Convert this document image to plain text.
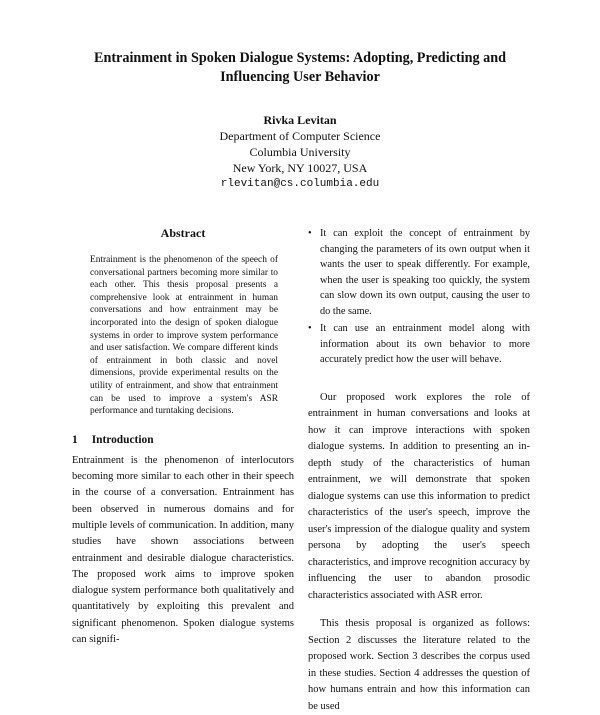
Entrainment in Spoken Dialogue Systems: Adopting, Predicting and Influencing User Behavior
Rivka Levitan
Department of Computer Science
Columbia University
New York, NY 10027, USA
rlevitan@cs.columbia.edu
Abstract

Entrainment is the phenomenon of the speech of conversational partners becoming more similar to each other. This thesis proposal presents a comprehensive look at entrainment in human conversations and how entrainment may be incorporated into the design of spoken dialogue systems in order to improve system performance and user satisfaction. We compare different kinds of entrainment in both classic and novel dimensions, provide experimental results on the utility of entrainment, and show that entrainment can be used to improve a system's ASR performance and turntaking decisions.

1 Introduction

Entrainment is the phenomenon of interlocutors becoming more similar to each other in their speech in the course of a conversation. Entrainment has been observed in numerous domains and for multiple levels of communication. In addition, many studies have shown associations between entrainment and desirable dialogue characteristics. The proposed work aims to improve spoken dialogue system performance both qualitatively and quantitatively by exploiting this prevalent and significant phenomenon. Spoken dialogue systems can signifi-

• It can exploit the concept of entrainment by changing the parameters of its own output when it wants the user to speak differently. For example, when the user is speaking too quickly, the system can slow down its own output, causing the user to do the same.
• It can use an entrainment model along with information about its own behavior to more accurately predict how the user will behave.

Our proposed work explores the role of entrainment in human conversations and looks at how it can improve interactions with spoken dialogue systems. In addition to presenting an in-depth study of the characteristics of human entrainment, we will demonstrate that spoken dialogue systems can use this information to predict characteristics of the user's speech, improve the user's impression of the dialogue quality and system persona by adopting the user's speech characteristics, and improve recognition accuracy by influencing the user to abandon prosodic characteristics associated with ASR error.

This thesis proposal is organized as follows: Section 2 discusses the literature related to the proposed work. Section 3 describes the corpus used in these studies. Section 4 addresses the question of how humans entrain and how this information can be used
